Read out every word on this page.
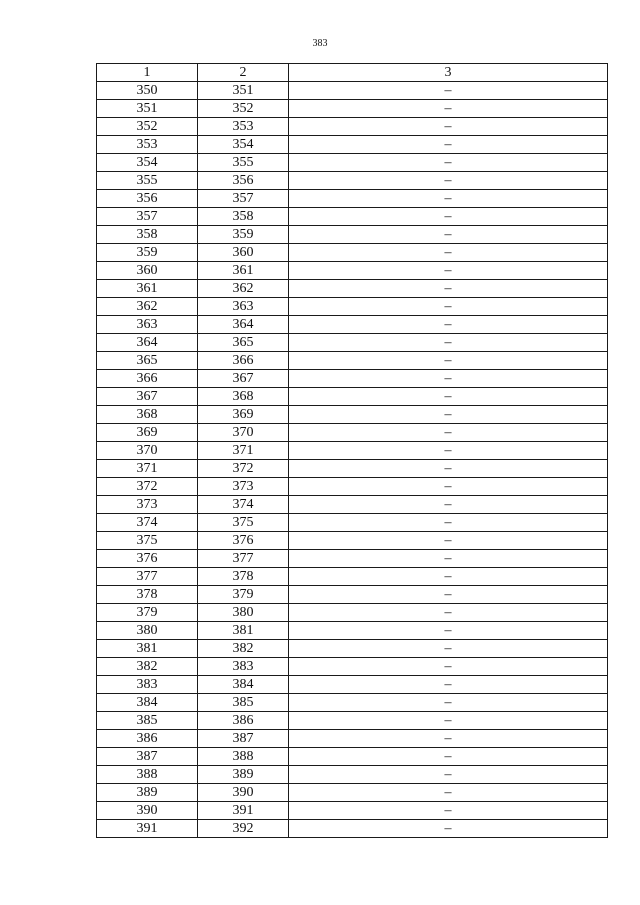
383
1	2	3
350	351	–
351	352	–
352	353	–
353	354	–
354	355	–
355	356	–
356	357	–
357	358	–
358	359	–
359	360	–
360	361	–
361	362	–
362	363	–
363	364	–
364	365	–
365	366	–
366	367	–
367	368	–
368	369	–
369	370	–
370	371	–
371	372	–
372	373	–
373	374	–
374	375	–
375	376	–
376	377	–
377	378	–
378	379	–
379	380	–
380	381	–
381	382	–
382	383	–
383	384	–
384	385	–
385	386	–
386	387	–
387	388	–
388	389	–
389	390	–
390	391	–
391	392	–
